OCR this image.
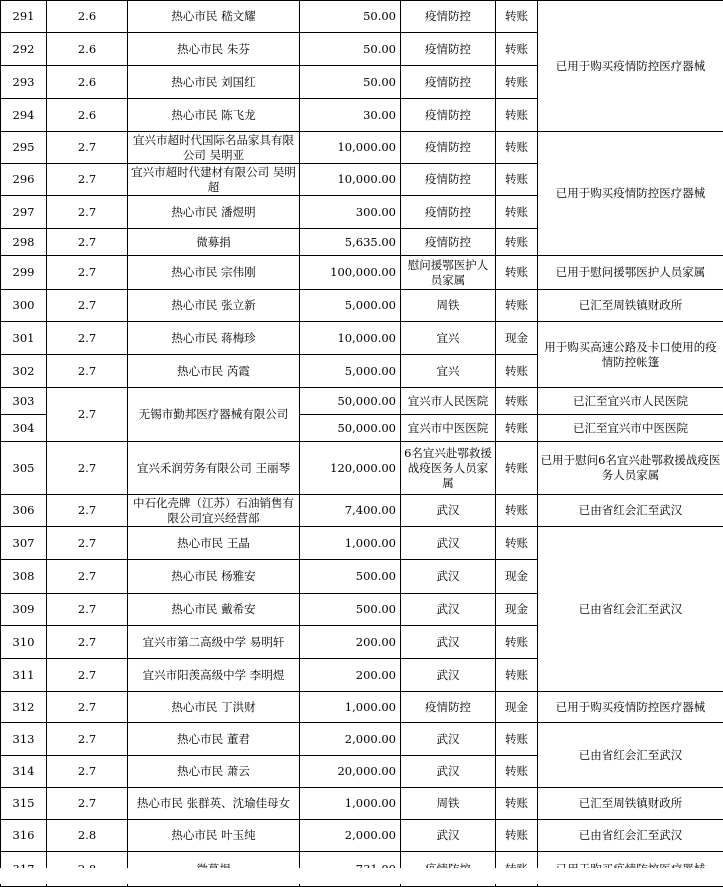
291	2.6	热心市民 嵇文耀	50.00	疫情防控	转账	已用于购买疫情防控医疗器械
292	2.6	热心市民 朱芬	50.00	疫情防控	转账	
293	2.6	热心市民 刘国红	50.00	疫情防控	转账	
294	2.6	热心市民 陈飞龙	30.00	疫情防控	转账	
295	2.7	宜兴市超时代国际名品家具有限公司 吴明亚	10,000.00	疫情防控	转账	已用于购买疫情防控医疗器械
296	2.7	宜兴市超时代建材有限公司 吴明超	10,000.00	疫情防控	转账	
297	2.7	热心市民 潘煜明	300.00	疫情防控	转账	
298	2.7	微募捐	5,635.00	疫情防控	转账	
299	2.7	热心市民 宗伟刚	100,000.00	慰问援鄂医护人员家属	转账	已用于慰问援鄂医护人员家属
300	2.7	热心市民 张立新	5,000.00	周铁	转账	已汇至周铁镇财政所
301	2.7	热心市民 蒋梅珍	10,000.00	宜兴	现金	用于购买高速公路及卡口使用的疫情防控帐篷
302	2.7	热心市民 芮霞	5,000.00	宜兴	转账	
303	2.7	无锡市勤邦医疗器械有限公司	50,000.00	宜兴市人民医院	转账	已汇至宜兴市人民医院
304			50,000.00	宜兴市中医医院	转账	已汇至宜兴市中医医院
305	2.7	宜兴禾润劳务有限公司 王丽琴	120,000.00	6名宜兴赴鄂救援战疫医务人员家属	转账	已用于慰问6名宜兴赴鄂救援战疫医务人员家属
306	2.7	中石化壳牌（江苏）石油销售有限公司宜兴经营部	7,400.00	武汉	转账	已由省红会汇至武汉
307	2.7	热心市民 王晶	1,000.00	武汉	转账	已由省红会汇至武汉
308	2.7	热心市民 杨雅安	500.00	武汉	现金	
309	2.7	热心市民 戴希安	500.00	武汉	现金	
310	2.7	宜兴市第二高级中学 易明轩	200.00	武汉	转账	
311	2.7	宜兴市阳羡高级中学 李明煜	200.00	武汉	转账	
312	2.7	热心市民 丁洪财	1,000.00	疫情防控	现金	已用于购买疫情防控医疗器械
313	2.7	热心市民 董君	2,000.00	武汉	转账	已由省红会汇至武汉
314	2.7	热心市民 萧云	20,000.00	武汉	转账	
315	2.7	热心市民 张群英、沈瑜佳母女	1,000.00	周铁	转账	已汇至周铁镇财政所
316	2.8	热心市民 叶玉纯	2,000.00	武汉	转账	已由省红会汇至武汉
